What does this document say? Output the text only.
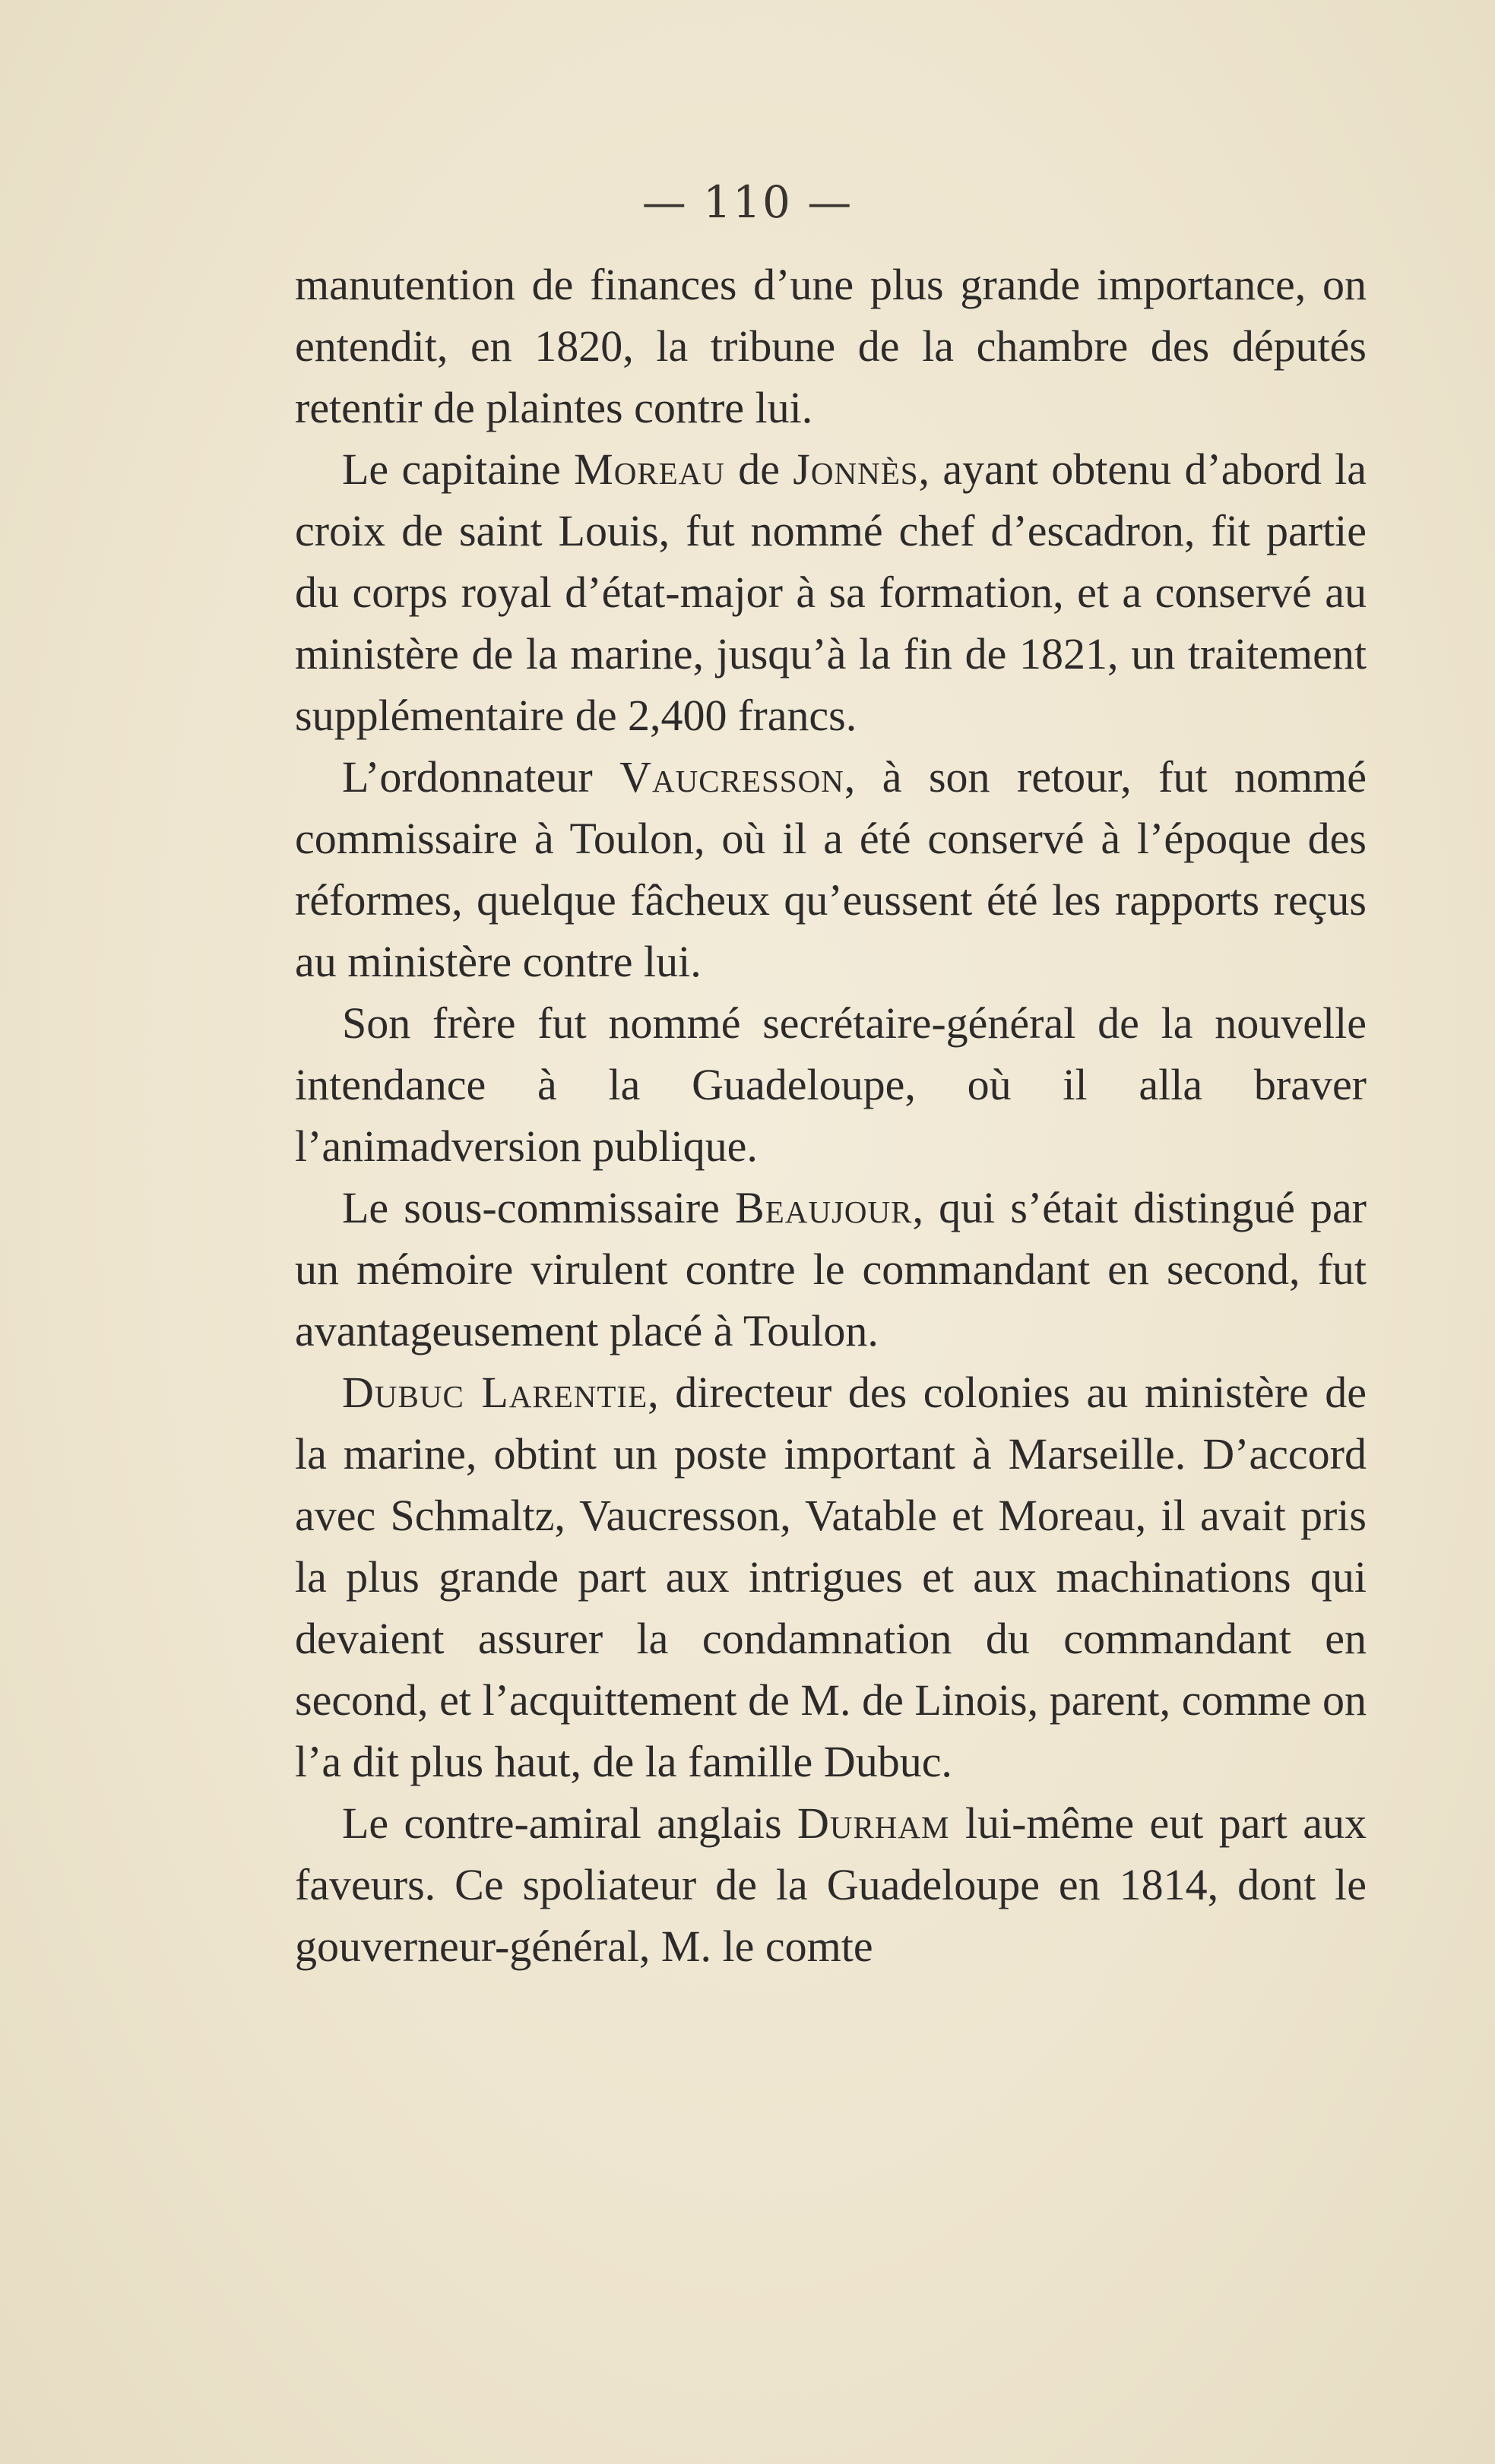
— 110 —

manutention de finances d’une plus grande importance, on entendit, en 1820, la tribune de la chambre des députés retentir de plaintes contre lui.

Le capitaine Moreau de Jonnès, ayant obtenu d’abord la croix de saint Louis, fut nommé chef d’escadron, fit partie du corps royal d’état-major à sa formation, et a conservé au ministère de la marine, jusqu’à la fin de 1821, un traitement supplémentaire de 2,400 francs.

L’ordonnateur Vaucresson, à son retour, fut nommé commissaire à Toulon, où il a été conservé à l’époque des réformes, quelque fâcheux qu’eussent été les rapports reçus au ministère contre lui.

Son frère fut nommé secrétaire-général de la nouvelle intendance à la Guadeloupe, où il alla braver l’animadversion publique.

Le sous-commissaire Beaujour, qui s’était distingué par un mémoire virulent contre le commandant en second, fut avantageusement placé à Toulon.

Dubuc Larentie, directeur des colonies au ministère de la marine, obtint un poste important à Marseille. D’accord avec Schmaltz, Vaucresson, Vatable et Moreau, il avait pris la plus grande part aux intrigues et aux machinations qui devaient assurer la condamnation du commandant en second, et l’acquittement de M. de Linois, parent, comme on l’a dit plus haut, de la famille Dubuc.

Le contre-amiral anglais Durham lui-même eut part aux faveurs. Ce spoliateur de la Guadeloupe en 1814, dont le gouverneur-général, M. le comte
